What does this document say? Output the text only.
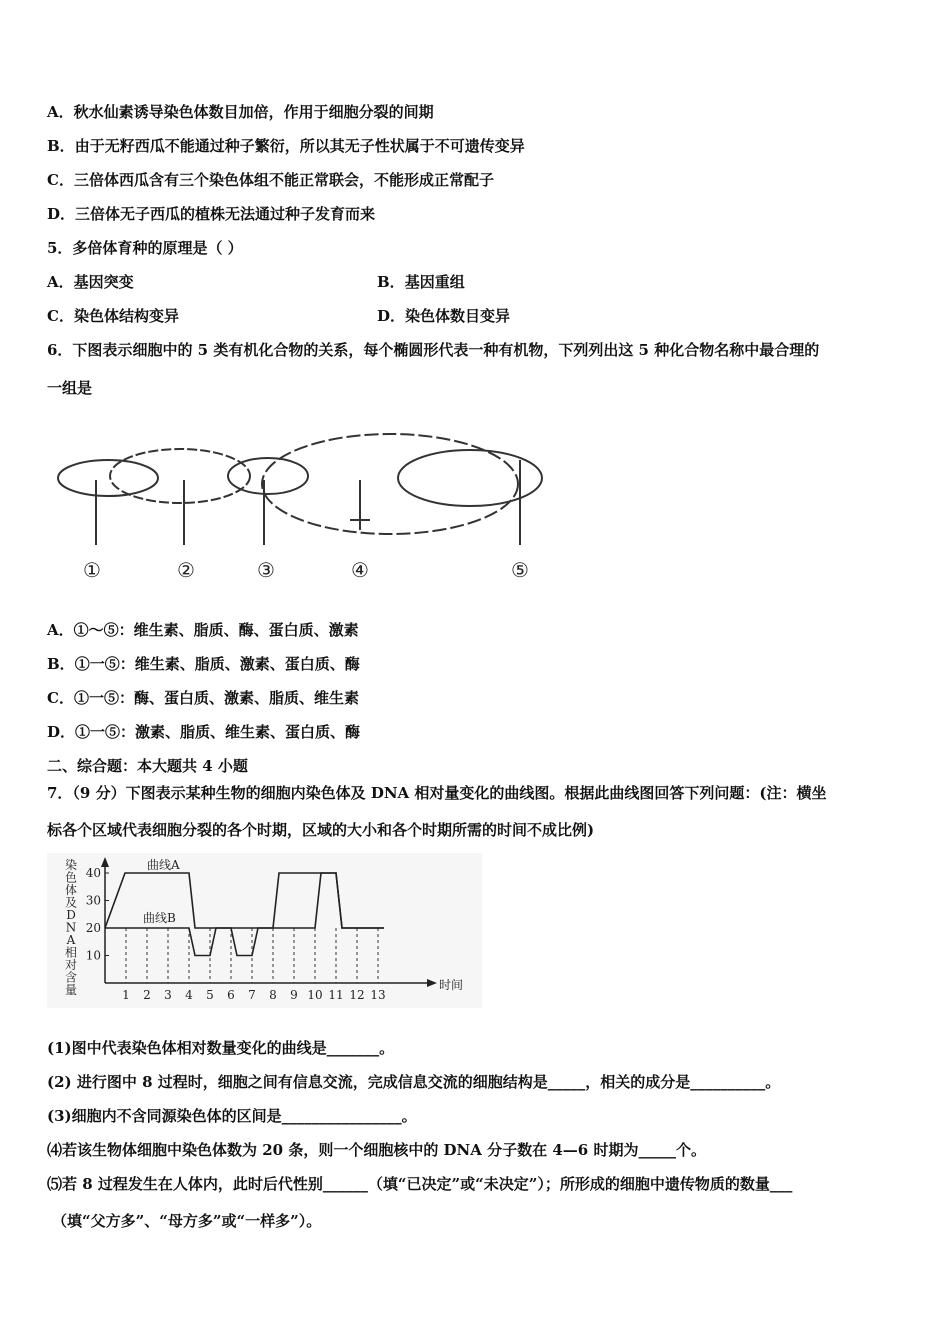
A．秋水仙素诱导染色体数目加倍，作用于细胞分裂的间期
B．由于无籽西瓜不能通过种子繁衍，所以其无子性状属于不可遗传变异
C．三倍体西瓜含有三个染色体组不能正常联会，不能形成正常配子
D．三倍体无子西瓜的植株无法通过种子发育而来
5．多倍体育种的原理是（ ）
A．基因突变	B．基因重组
C．染色体结构变异	D．染色体数目变异
6．下图表示细胞中的 5 类有机化合物的关系，每个椭圆形代表一种有机物，下列列出这 5 种化合物名称中最合理的
一组是
①	②	③	④	⑤
A．①～⑤：维生素、脂质、酶、蛋白质、激素
B．①一⑤：维生素、脂质、激素、蛋白质、酶
C．①一⑤：酶、蛋白质、激素、脂质、维生素
D．①一⑤：激素、脂质、维生素、蛋白质、酶
二、综合题：本大题共 4 小题
7．（9 分）下图表示某种生物的细胞内染色体及 DNA 相对量变化的曲线图。根据此曲线图回答下列问题：(注：横坐
标各个区域代表细胞分裂的各个时期，区域的大小和各个时期所需的时间不成比例)
染
色
体
及
D
N
A
相
对
含
量
10
20
30
40
1 2 3 4 5 6 7 8 9 10 11 12 13
时间
曲线A
曲线B
(1)图中代表染色体相对数量变化的曲线是_______。
(2) 进行图中 8 过程时，细胞之间有信息交流，完成信息交流的细胞结构是_____，相关的成分是__________。
(3)细胞内不含同源染色体的区间是________________。
⑷若该生物体细胞中染色体数为 20 条，则一个细胞核中的 DNA 分子数在 4—6 时期为_____个。
⑸若 8 过程发生在人体内，此时后代性别______（填“已决定”或“未决定”）；所形成的细胞中遗传物质的数量___
（填“父方多”、“母方多”或“一样多”）。
